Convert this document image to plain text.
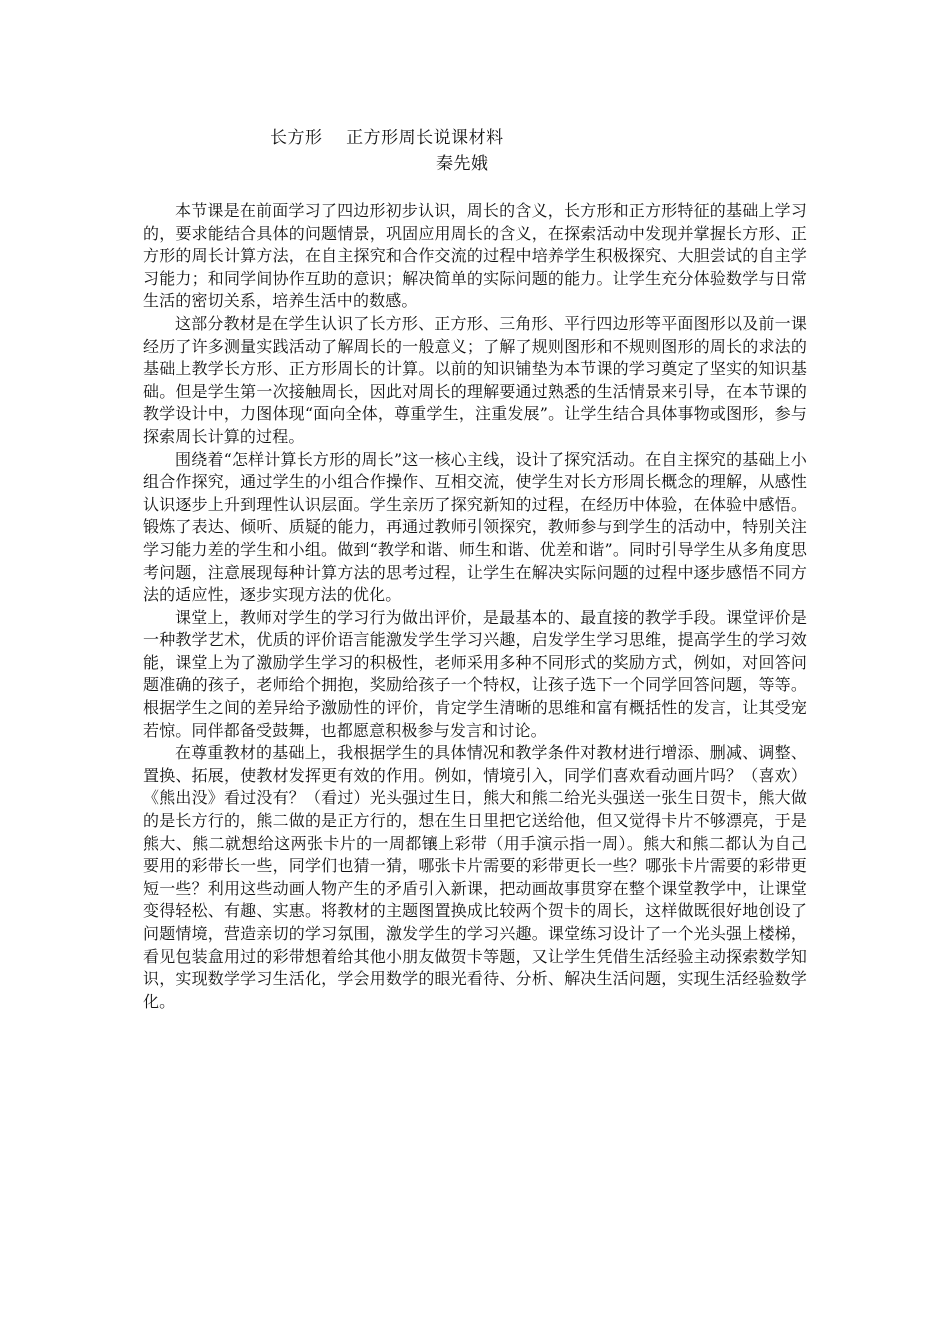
长方形    正方形周长说课材料
秦先娥

本节课是在前面学习了四边形初步认识，周长的含义，长方形和正方形特征的基础上学习的，要求能结合具体的问题情景，巩固应用周长的含义，在探索活动中发现并掌握长方形、正方形的周长计算方法，在自主探究和合作交流的过程中培养学生积极探究、大胆尝试的自主学习能力；和同学间协作互助的意识；解决简单的实际问题的能力。让学生充分体验数学与日常生活的密切关系，培养生活中的数感。

这部分教材是在学生认识了长方形、正方形、三角形、平行四边形等平面图形以及前一课经历了许多测量实践活动了解周长的一般意义；了解了规则图形和不规则图形的周长的求法的基础上教学长方形、正方形周长的计算。以前的知识铺垫为本节课的学习奠定了坚实的知识基础。但是学生第一次接触周长，因此对周长的理解要通过熟悉的生活情景来引导，在本节课的教学设计中，力图体现“面向全体，尊重学生，注重发展”。让学生结合具体事物或图形，参与探索周长计算的过程。

围绕着“怎样计算长方形的周长”这一核心主线，设计了探究活动。在自主探究的基础上小组合作探究，通过学生的小组合作操作、互相交流，使学生对长方形周长概念的理解，从感性认识逐步上升到理性认识层面。学生亲历了探究新知的过程，在经历中体验，在体验中感悟。锻炼了表达、倾听、质疑的能力，再通过教师引领探究，教师参与到学生的活动中，特别关注学习能力差的学生和小组。做到“教学和谐、师生和谐、优差和谐”。同时引导学生从多角度思考问题，注意展现每种计算方法的思考过程，让学生在解决实际问题的过程中逐步感悟不同方法的适应性，逐步实现方法的优化。

课堂上，教师对学生的学习行为做出评价，是最基本的、最直接的教学手段。课堂评价是一种教学艺术，优质的评价语言能激发学生学习兴趣，启发学生学习思维，提高学生的学习效能，课堂上为了激励学生学习的积极性，老师采用多种不同形式的奖励方式，例如，对回答问题准确的孩子，老师给个拥抱，奖励给孩子一个特权，让孩子选下一个同学回答问题，等等。根据学生之间的差异给予激励性的评价，肯定学生清晰的思维和富有概括性的发言，让其受宠若惊。同伴都备受鼓舞，也都愿意积极参与发言和讨论。

在尊重教材的基础上，我根据学生的具体情况和教学条件对教材进行增添、删减、调整、置换、拓展，使教材发挥更有效的作用。例如，情境引入，同学们喜欢看动画片吗？（喜欢）《熊出没》看过没有？（看过）光头强过生日，熊大和熊二给光头强送一张生日贺卡，熊大做的是长方行的，熊二做的是正方行的，想在生日里把它送给他，但又觉得卡片不够漂亮，于是熊大、熊二就想给这两张卡片的一周都镶上彩带（用手演示指一周）。熊大和熊二都认为自己要用的彩带长一些，同学们也猜一猜，哪张卡片需要的彩带更长一些？哪张卡片需要的彩带更短一些？利用这些动画人物产生的矛盾引入新课，把动画故事贯穿在整个课堂教学中，让课堂变得轻松、有趣、实惠。将教材的主题图置换成比较两个贺卡的周长，这样做既很好地创设了问题情境，营造亲切的学习氛围，激发学生的学习兴趣。课堂练习设计了一个光头强上楼梯，看见包装盒用过的彩带想着给其他小朋友做贺卡等题，又让学生凭借生活经验主动探索数学知识，实现数学学习生活化，学会用数学的眼光看待、分析、解决生活问题，实现生活经验数学化。
